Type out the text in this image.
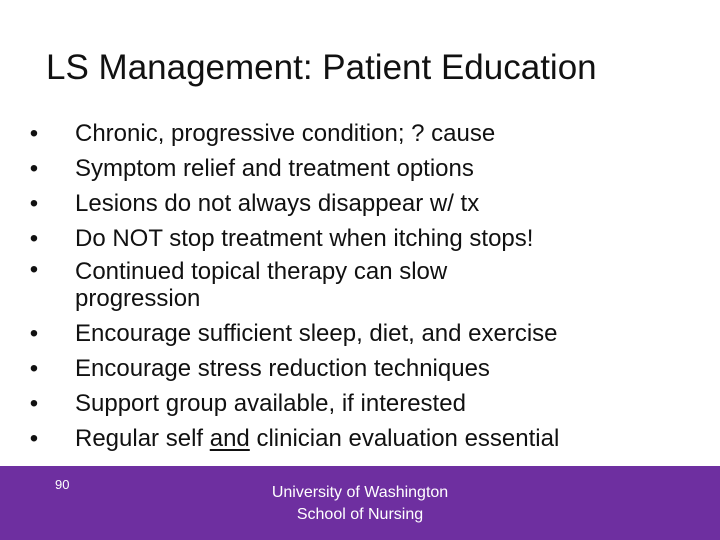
LS Management: Patient Education
• Chronic, progressive condition; ? cause
• Symptom relief and treatment options
• Lesions do not always disappear w/ tx
• Do NOT stop treatment when itching stops!
• Continued topical therapy can slow
progression
• Encourage sufficient sleep, diet, and exercise
• Encourage stress reduction techniques
• Support group available, if interested
• Regular self and clinician evaluation essential
90	University of Washington
School of Nursing
